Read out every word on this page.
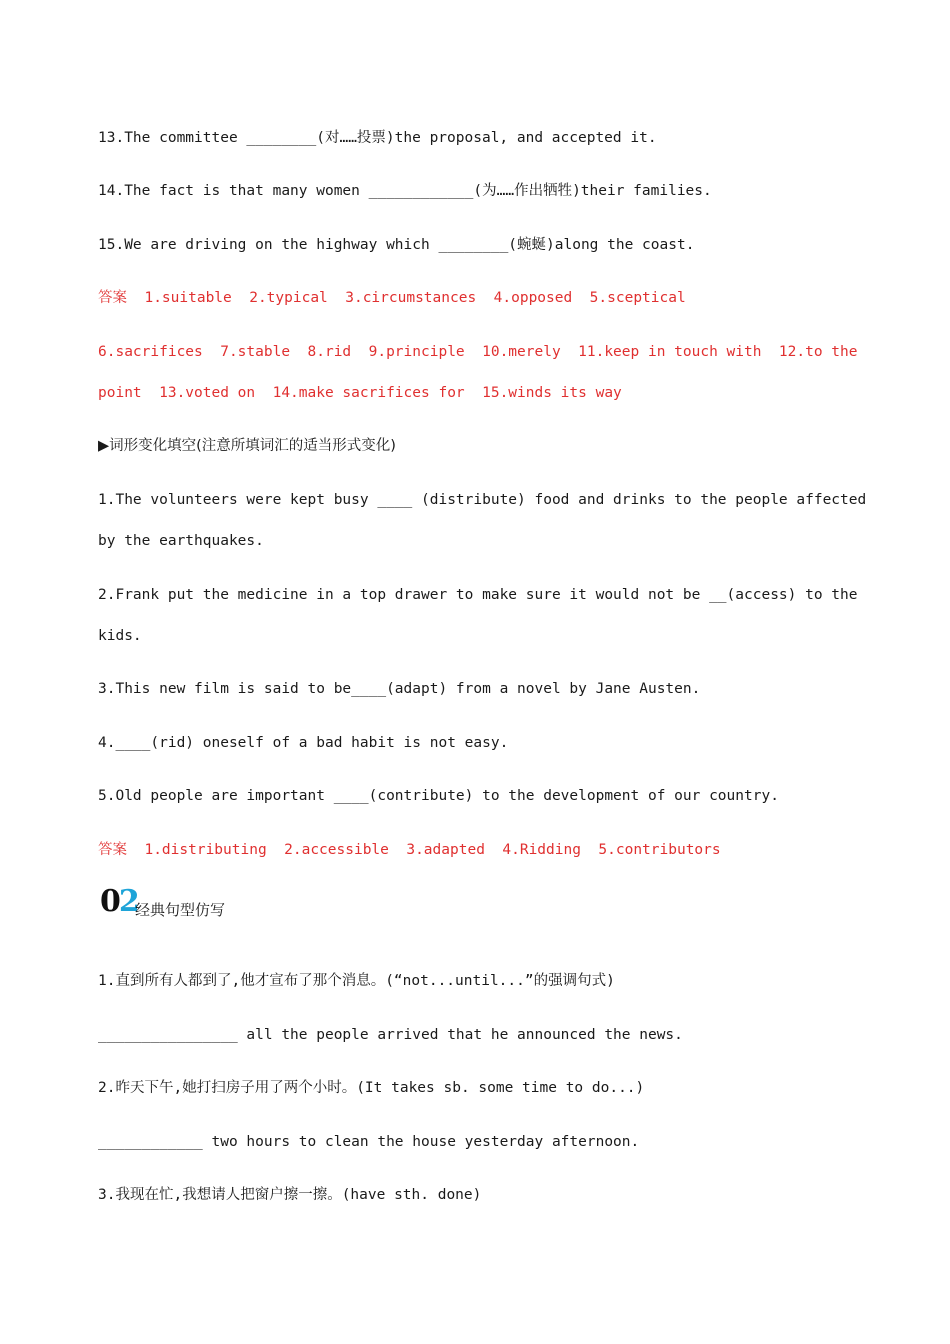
13.The committee ________(对……投票)the proposal, and accepted it.
14.The fact is that many women ____________(为……作出牺牲)their families.
15.We are driving on the highway which ________(蜿蜒)along the coast.
答案  1.suitable  2.typical  3.circumstances  4.opposed  5.sceptical
6.sacrifices  7.stable  8.rid  9.principle  10.merely  11.keep in touch with  12.to the
point  13.voted on  14.make sacrifices for  15.winds its way
▶词形变化填空(注意所填词汇的适当形式变化)
1.The volunteers were kept busy ____ (distribute) food and drinks to the people affected
by the earthquakes.
2.Frank put the medicine in a top drawer to make sure it would not be __(access) to the
kids.
3.This new film is said to be____(adapt) from a novel by Jane Austen.
4.____(rid) oneself of a bad habit is not easy.
5.Old people are important ____(contribute) to the development of our country.
答案  1.distributing  2.accessible  3.adapted  4.Ridding  5.contributors
02
经典句型仿写
1.直到所有人都到了,他才宣布了那个消息。(“not...until...”的强调句式)
________________ all the people arrived that he announced the news.
2.昨天下午,她打扫房子用了两个小时。(It takes sb. some time to do...)
____________ two hours to clean the house yesterday afternoon.
3.我现在忙,我想请人把窗户擦一擦。(have sth. done)
